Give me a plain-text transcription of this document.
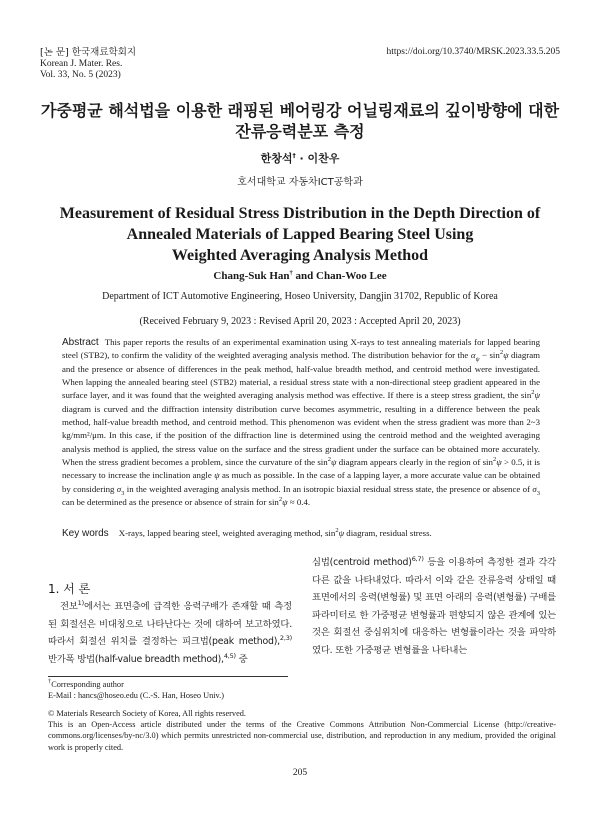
[논 문] 한국재료학회지
Korean J. Mater. Res.
Vol. 33, No. 5 (2023)
https://doi.org/10.3740/MRSK.2023.33.5.205
가중평균 해석법을 이용한 래핑된 베어링강 어닐링재료의 깊이방향에 대한
잔류응력분포 측정
한창석† · 이찬우
호서대학교 자동차ICT공학과
Measurement of Residual Stress Distribution in the Depth Direction of
Annealed Materials of Lapped Bearing Steel Using
Weighted Averaging Analysis Method
Chang-Suk Han† and Chan-Woo Lee
Department of ICT Automotive Engineering, Hoseo University, Dangjin 31702, Republic of Korea
(Received February 9, 2023 : Revised April 20, 2023 : Accepted April 20, 2023)
Abstract This paper reports the results of an experimental examination using X-rays to test annealing materials for lapped bearing steel (STB2), to confirm the validity of the weighted averaging analysis method. The distribution behavior for the $\alpha_\psi - \sin^2\psi$ diagram and the presence or absence of differences in the peak method, half-value breadth method, and centroid method were investigated. When lapping the annealed bearing steel (STB2) material, a residual stress state with a non-directional steep gradient appeared in the surface layer, and it was found that the weighted averaging analysis method was effective. If there is a steep stress gradient, the $\sin^2\psi$ diagram is curved and the diffraction intensity distribution curve becomes asymmetric, resulting in a difference between the peak method, half-value breadth method, and centroid method. This phenomenon was evident when the stress gradient was more than 2~3 kg/mm²/μm. In this case, if the position of the diffraction line is determined using the centroid method and the weighted averaging analysis method is applied, the stress value on the surface and the stress gradient under the surface can be obtained more accurately. When the stress gradient becomes a problem, since the curvature of the $\sin^2\psi$ diagram appears clearly in the region of $\sin^2\psi > 0.5$, it is necessary to increase the inclination angle ψ as much as possible. In the case of a lapping layer, a more accurate value can be obtained by considering $\sigma_3$ in the weighted averaging analysis method. In an isotropic biaxial residual stress state, the presence or absence of $\sigma_3$ can be determined as the presence or absence of strain for $\sin^2\psi \approx 0.4$.
Key words X-rays, lapped bearing steel, weighted averaging method, $\sin^2\psi$ diagram, residual stress.
1. 서 론

전보$^{1)}$에서는 표면층에 급격한 응력구배가 존재할 때 측정된 회절선은 비대칭으로 나타난다는 것에 대하여 보고하였다. 따라서 회절선 위치를 결정하는 피크법(peak method),$^{2,3)}$ 반가폭 방법(half-value breadth method),$^{4,5)}$ 중

심법(centroid method)$^{6,7)}$ 등을 이용하여 측정한 결과 각각 다른 값을 나타내었다. 따라서 이와 같은 잔류응력 상태일 때 표면에서의 응력(변형률) 및 표면 아래의 응력(변형률) 구배를 파라미터로 한 가중평균 변형률과 편향되지 않은 관계에 있는 것은 회절선 중심위치에 대응하는 변형률이라는 것을 파악하였다. 또한 가중평균 변형률을 나타내는

†Corresponding author
E-Mail : hancs@hoseo.edu (C.-S. Han, Hoseo Univ.)
© Materials Research Society of Korea, All rights reserved.
This is an Open-Access article distributed under the terms of the Creative Commons Attribution Non-Commercial License (http://creative-commons.org/licenses/by-nc/3.0) which permits unrestricted non-commercial use, distribution, and reproduction in any medium, provided the original work is properly cited.
205
